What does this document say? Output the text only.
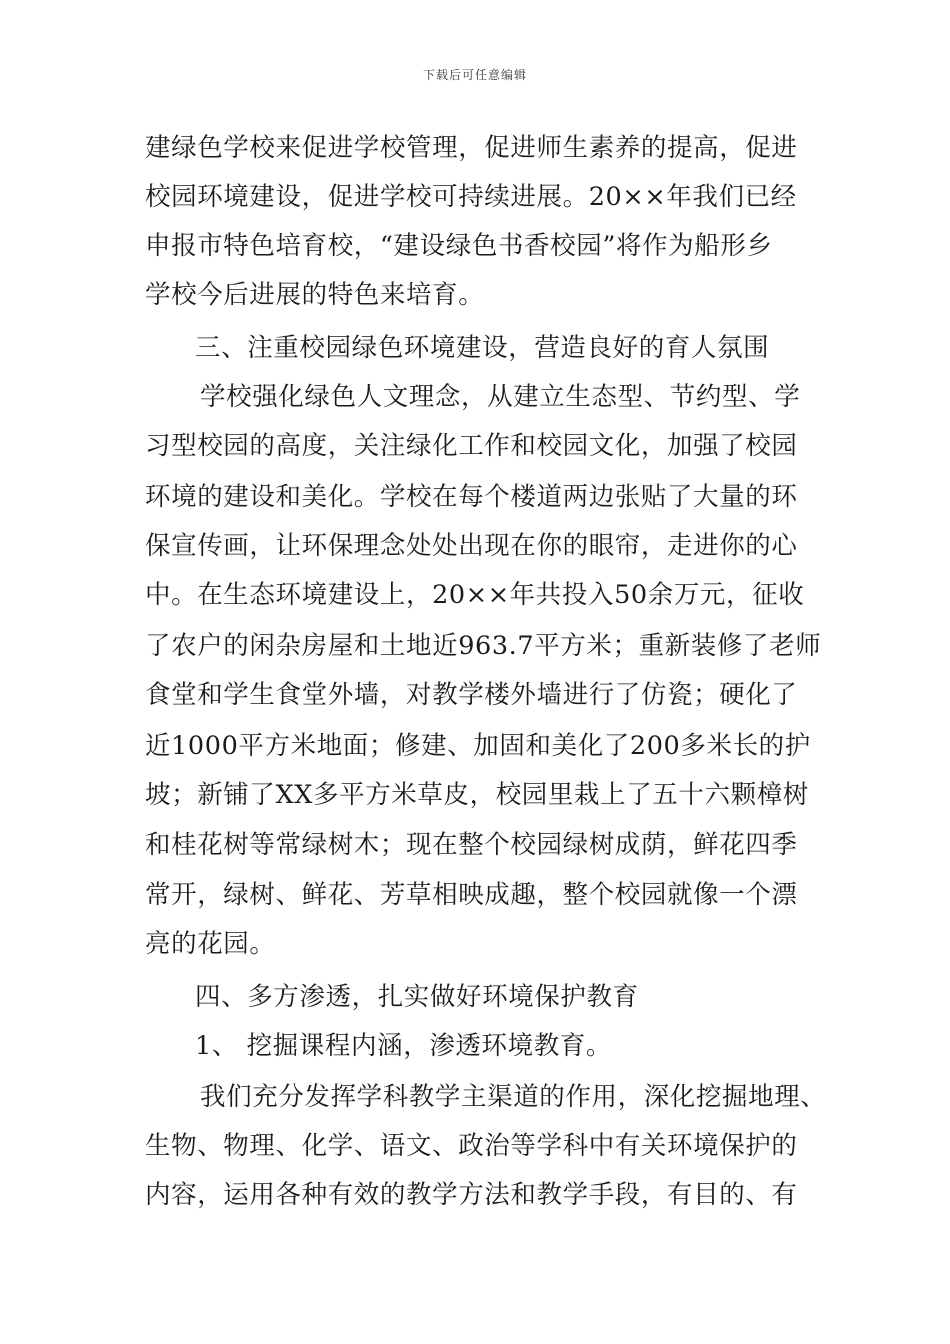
下载后可任意编辑
建绿色学校来促进学校管理，促进师生素养的提高，促进
校园环境建设，促进学校可持续进展。20××年我们已经
申报市特色培育校，“建设绿色书香校园”将作为船形乡
学校今后进展的特色来培育。
三、注重校园绿色环境建设，营造良好的育人氛围
学校强化绿色人文理念，从建立生态型、节约型、学
习型校园的高度，关注绿化工作和校园文化，加强了校园
环境的建设和美化。学校在每个楼道两边张贴了大量的环
保宣传画，让环保理念处处出现在你的眼帘，走进你的心
中。在生态环境建设上，20××年共投入50余万元，征收
了农户的闲杂房屋和土地近963.7平方米；重新装修了老师
食堂和学生食堂外墙，对教学楼外墙进行了仿瓷；硬化了
近1000平方米地面；修建、加固和美化了200多米长的护
坡；新铺了XX多平方米草皮，校园里栽上了五十六颗樟树
和桂花树等常绿树木；现在整个校园绿树成荫，鲜花四季
常开，绿树、鲜花、芳草相映成趣，整个校园就像一个漂
亮的花园。
四、多方渗透，扎实做好环境保护教育
1、 挖掘课程内涵，渗透环境教育。
我们充分发挥学科教学主渠道的作用，深化挖掘地理、
生物、物理、化学、语文、政治等学科中有关环境保护的
内容，运用各种有效的教学方法和教学手段，有目的、有
